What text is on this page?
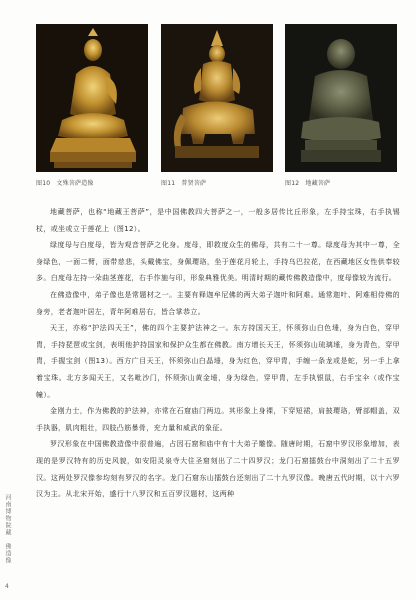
图10　文殊菩萨造像	图11　普贤菩萨	图12　地藏菩萨

地藏菩萨，也称“地藏王菩萨”，是中国佛教四大菩萨之一，一般多居传比丘形象，左手持宝珠，右手执锡杖，或坐或立于莲花上（图12）。

绿度母与白度母，皆为观音菩萨之化身。度母，即救度众生的佛母，共有二十一尊。绿度母为其中一尊，全身绿色，一面二臂，面带慈悲，头戴佛宝，身佩璎珞，坐于莲花月轮上，手持乌巴拉花，在西藏地区女性供奉较多。白度母左持一朵曲茎莲花，右手作施与印，形象典雅优美。明清时期的藏传佛教造像中，度母像较为流行。

在佛造像中，弟子像也是常题材之一。主要有释迦牟尼佛的两大弟子迦叶和阿难。通常迦叶、阿难相侍佛的身旁，老者迦叶居左，青年阿难居右，皆合掌恭立。

天王，亦称“护法四天王”，佛的四个主要护法神之一。东方持国天王，怀须弥山白色埵，身为白色，穿甲胄，手持琵琶或宝剑，表明他护持国家和保护众生都在佛教。南方增长天王，怀须弥山琉璃埵，身为青色，穿甲胄，手握宝剑（图13）。西方广目天王，怀须弥山白晶埵，身为红色，穿甲胄，手缠一条龙或是蛇，另一手上拿着宝珠。北方多闻天王，又名毗沙门，怀须弥山黄金埵，身为绿色，穿甲胄，左手执银鼠，右手宝伞（或作宝幢）。

金刚力士，作为佛教的护法神，亦常在石窟庙门两边。其形象上身裸，下穿短裙，肩披璎珞，臂部帽盖，双手执器，肌肉粗壮，四肢凸筋暴骨，充力量和威武的象征。

罗汉形象在中国佛教造像中很普遍，占因石窟和庙中有十大弟子雕像。随唐时期，石窟中罗汉形象增加，表现的是罗汉特有的历史风貌，如安阳灵泉寺大住圣窟刻出了二十四罗汉；龙门石窟擂鼓台中洞刻出了二十五罗汉。这两处罗汉像参均刻有罗汉的名字。龙门石窟东山擂鼓台还刻出了二十九罗汉像。晚唐五代时期，以十六罗汉为主。从北宋开始，盛行十八罗汉和五百罗汉题材，这两种

河南博物院藏　佛造像
4
